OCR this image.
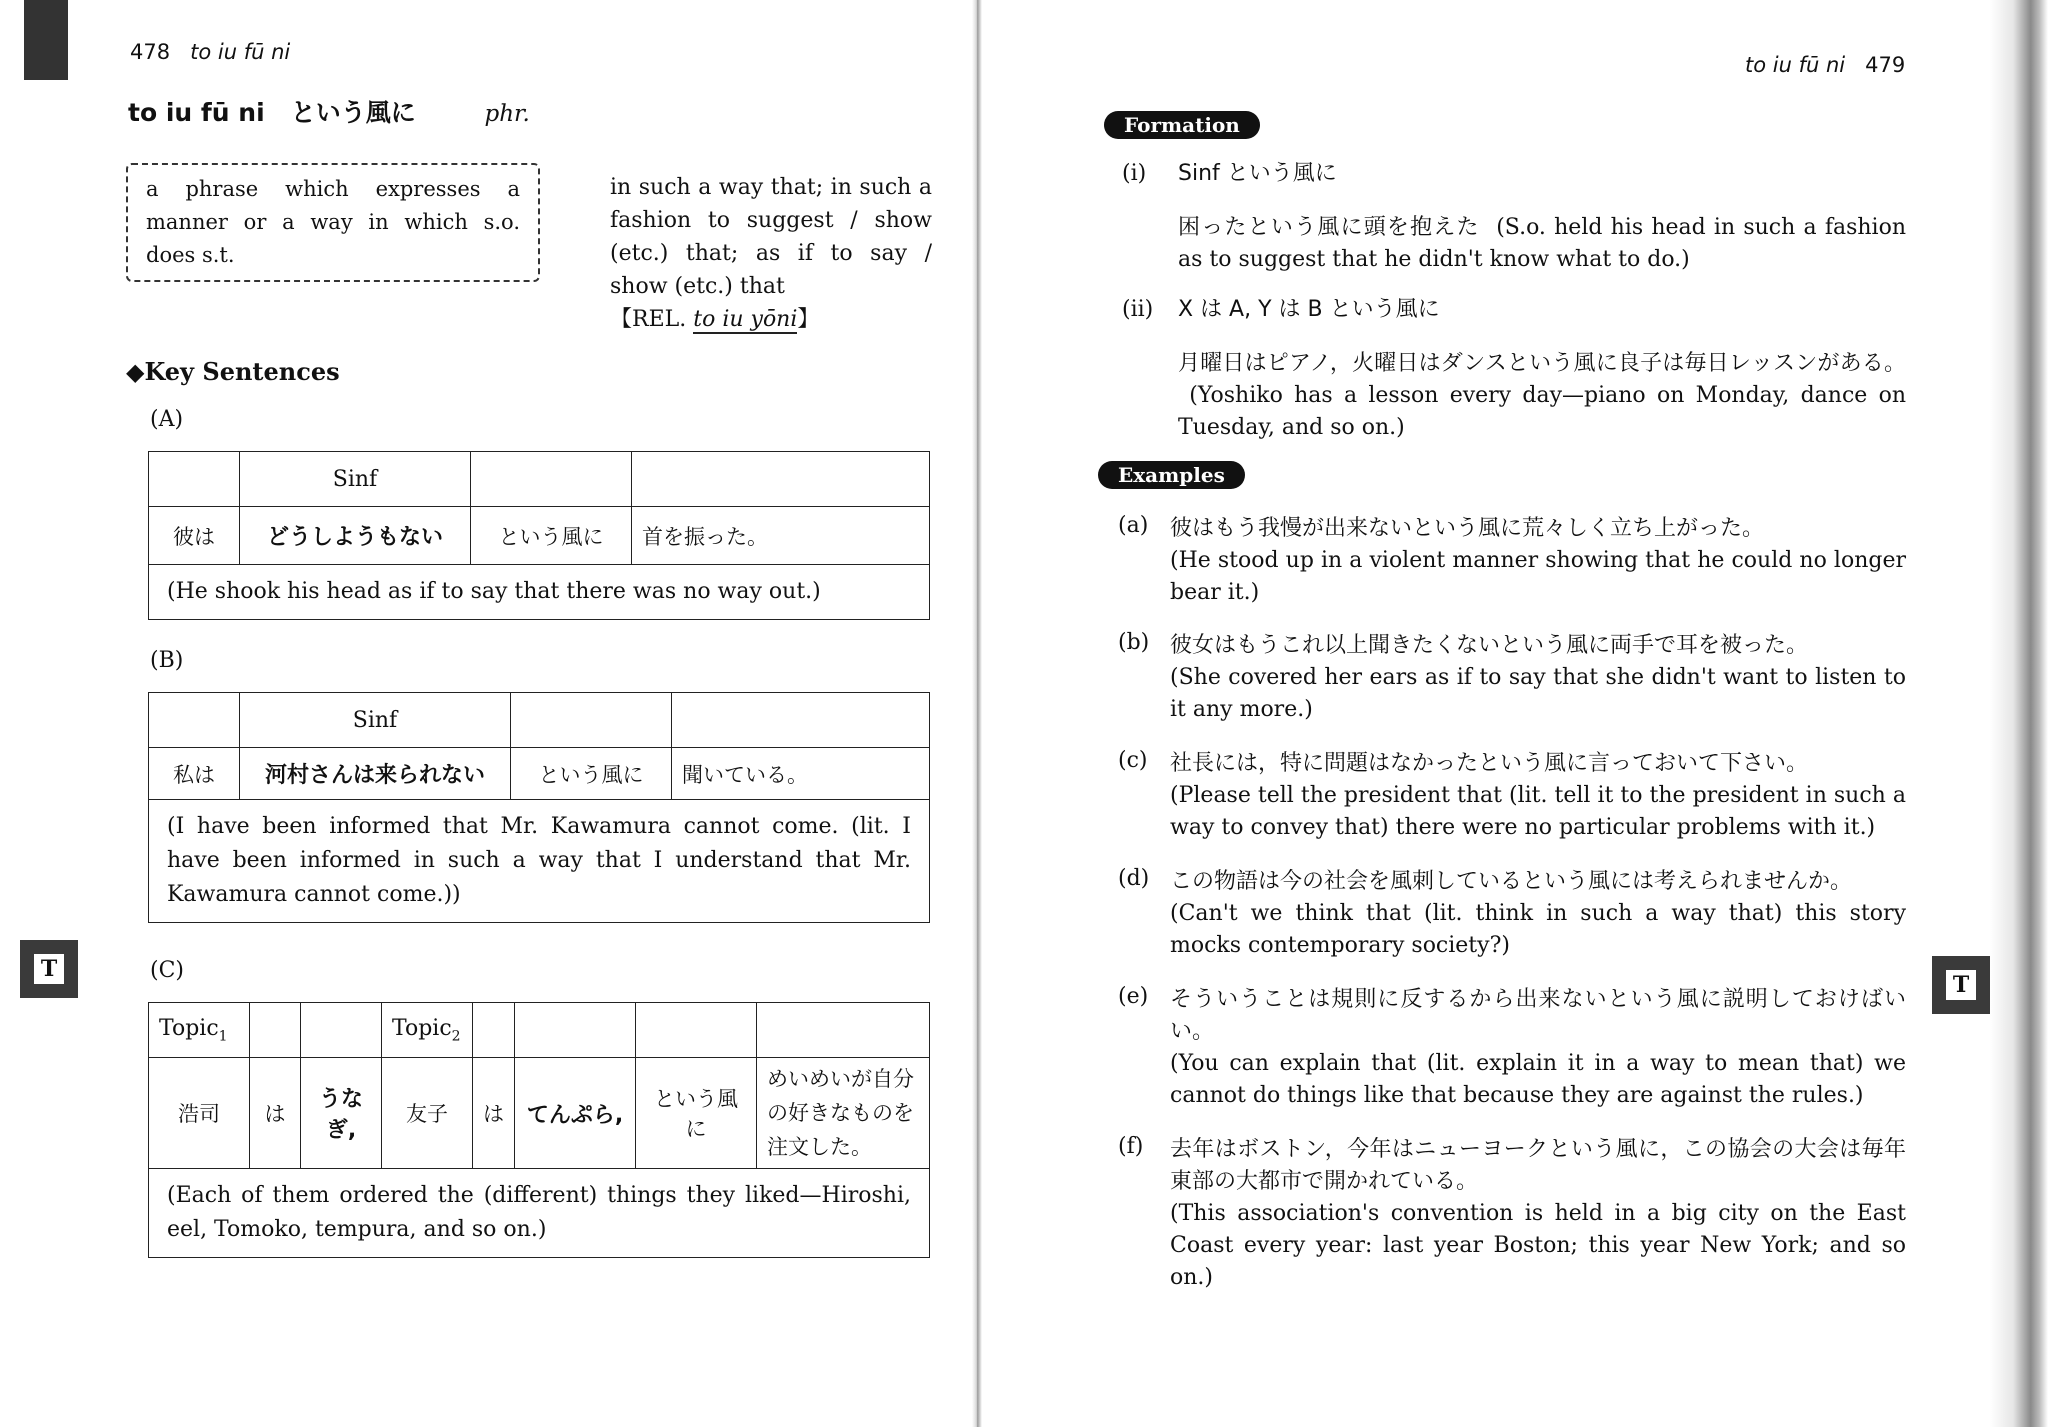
478 to iu fū ni
to iu fū ni という風に	phr.
a phrase which expresses a manner or a way in which s.o. does s.t.
in such a way that; in such a fashion to suggest / show (etc.) that; as if to say / show (etc.) that
【REL. to iu yōni】
◆Key Sentences
(A)
	Sinf		
彼は	どうしようもない	という風に	首を振った。
(He shook his head as if to say that there was no way out.)			
(B)
	Sinf		
私は	河村さんは来られない	という風に	聞いている。
(I have been informed that Mr. Kawamura cannot come. (lit. I have been informed in such a way that I understand that Mr. Kawamura cannot come.))			
(C)
Topic$_1$			Topic$_2$				
浩司	は	うなぎ,	友子	は	てんぷら,	という風に	めいめいが自分の好きなものを注文した。
(Each of them ordered the (different) things they liked—Hiroshi, eel, Tomoko, tempura, and so on.)							
T
to iu fū ni 479
Formation
(i) Sinf という風に
困ったという風に頭を抱えた (S.o. held his head in such a fashion as to suggest that he didn't know what to do.)
(ii) X は A, Y は B という風に
月曜日はピアノ，火曜日はダンスという風に良子は毎日レッスンがある。  (Yoshiko has a lesson every day—piano on Monday, dance on Tuesday, and so on.)
Examples
(a) 彼はもう我慢が出来ないという風に荒々しく立ち上がった。
(He stood up in a violent manner showing that he could no longer bear it.)
(b) 彼女はもうこれ以上聞きたくないという風に両手で耳を被った。
(She covered her ears as if to say that she didn't want to listen to it any more.)
(c) 社長には，特に問題はなかったという風に言っておいて下さい。
(Please tell the president that (lit. tell it to the president in such a way to convey that) there were no particular problems with it.)
(d) この物語は今の社会を風刺しているという風には考えられませんか。
(Can't we think that (lit. think in such a way that) this story mocks contemporary society?)
(e) そういうことは規則に反するから出来ないという風に説明しておけばいい。
(You can explain that (lit. explain it in a way to mean that) we cannot do things like that because they are against the rules.)
(f) 去年はボストン，今年はニューヨークという風に，この協会の大会は毎年東部の大都市で開かれている。
(This association's convention is held in a big city on the East Coast every year: last year Boston; this year New York; and so on.)
T
